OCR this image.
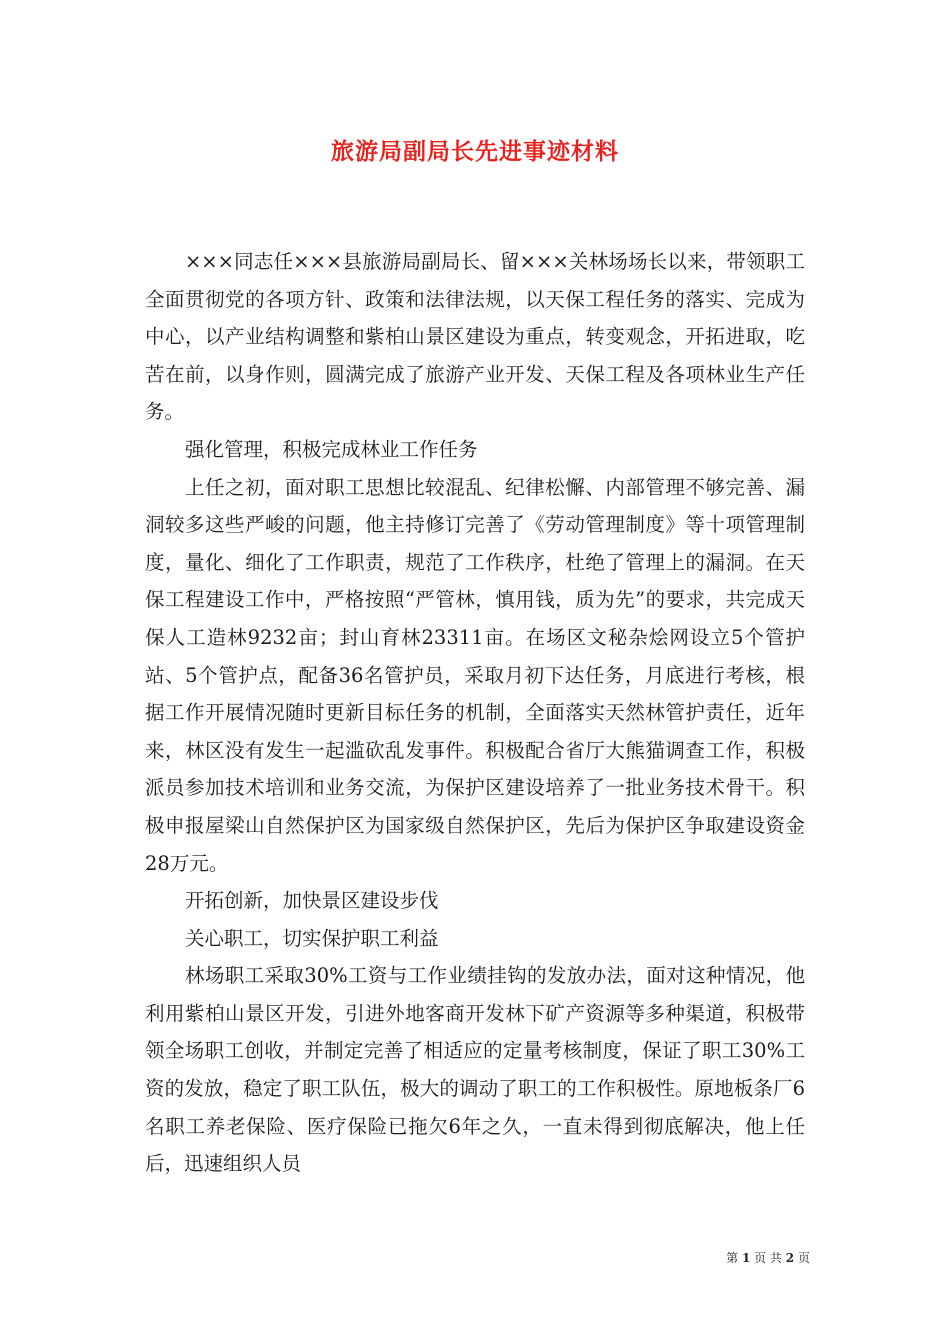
旅游局副局长先进事迹材料

×××同志任×××县旅游局副局长、留×××关林场场长以来，带领职工全面贯彻党的各项方针、政策和法律法规，以天保工程任务的落实、完成为中心，以产业结构调整和紫柏山景区建设为重点，转变观念，开拓进取，吃苦在前，以身作则，圆满完成了旅游产业开发、天保工程及各项林业生产任务。

强化管理，积极完成林业工作任务

上任之初，面对职工思想比较混乱、纪律松懈、内部管理不够完善、漏洞较多这些严峻的问题，他主持修订完善了《劳动管理制度》等十项管理制度，量化、细化了工作职责，规范了工作秩序，杜绝了管理上的漏洞。在天保工程建设工作中，严格按照“严管林，慎用钱，质为先”的要求，共完成天保人工造林9232亩；封山育林23311亩。在场区文秘杂烩网设立5个管护站、5个管护点，配备36名管护员，采取月初下达任务，月底进行考核，根据工作开展情况随时更新目标任务的机制，全面落实天然林管护责任，近年来，林区没有发生一起滥砍乱发事件。积极配合省厅大熊猫调查工作，积极派员参加技术培训和业务交流，为保护区建设培养了一批业务技术骨干。积极申报屋梁山自然保护区为国家级自然保护区，先后为保护区争取建设资金28万元。

开拓创新，加快景区建设步伐

关心职工，切实保护职工利益

林场职工采取30%工资与工作业绩挂钩的发放办法，面对这种情况，他利用紫柏山景区开发，引进外地客商开发林下矿产资源等多种渠道，积极带领全场职工创收，并制定完善了相适应的定量考核制度，保证了职工30%工资的发放，稳定了职工队伍，极大的调动了职工的工作积极性。原地板条厂6名职工养老保险、医疗保险已拖欠6年之久，一直未得到彻底解决，他上任后，迅速组织人员

第 1 页 共 2 页
